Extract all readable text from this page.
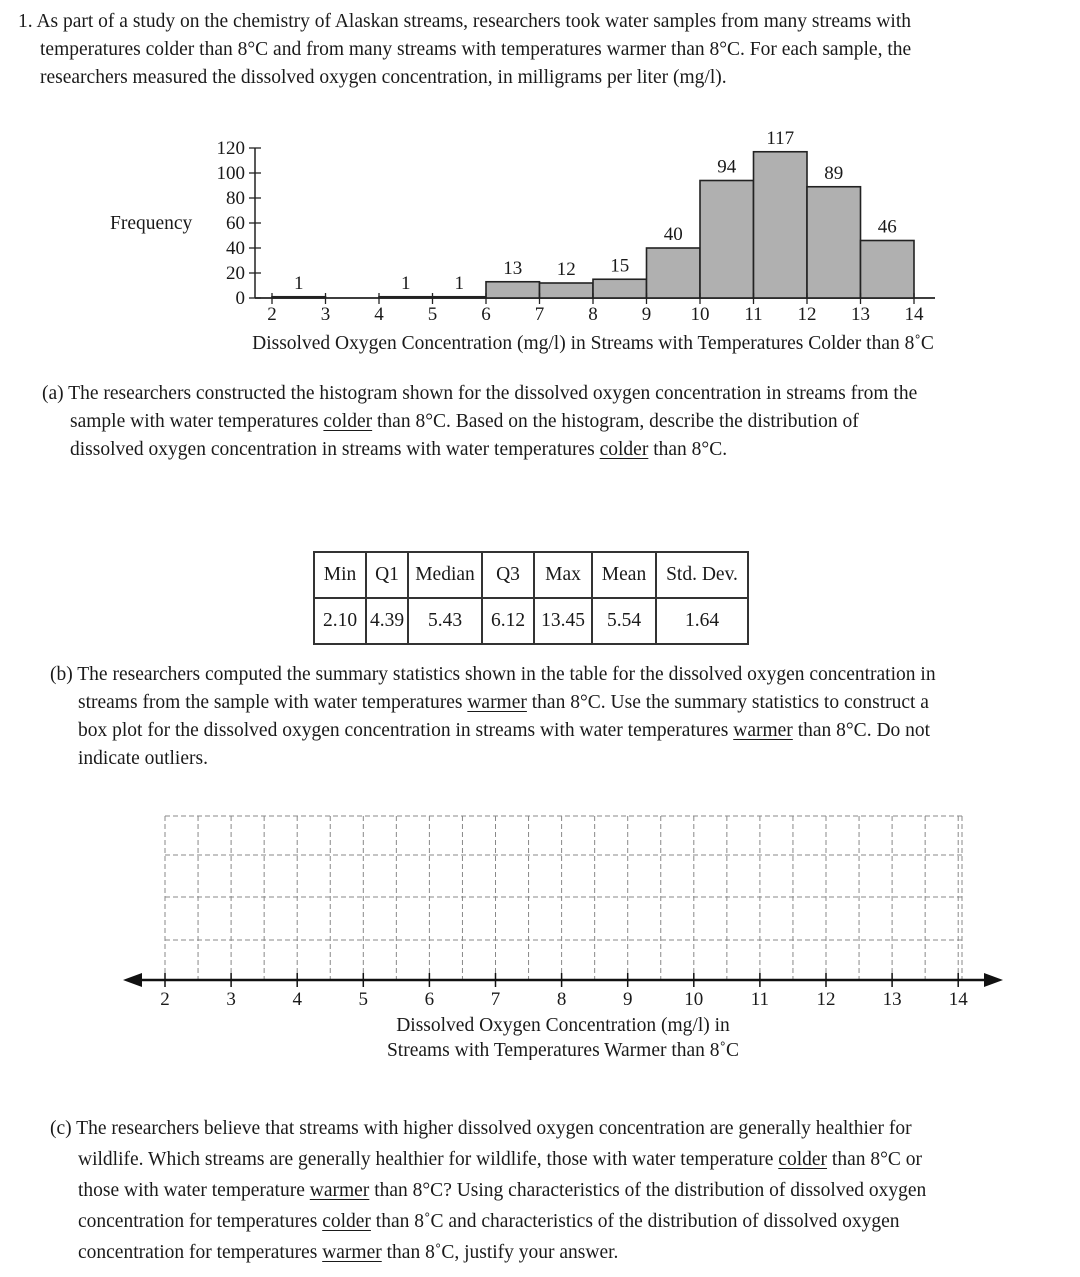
1. As part of a study on the chemistry of Alaskan streams, researchers took water samples from many streams with
temperatures colder than 8°C and from many streams with temperatures warmer than 8°C. For each sample, the
researchers measured the dissolved oxygen concentration, in milligrams per liter (mg/l).
0
20
40
60
80
100
120
1	1 1
13 12 15
40
94
117
89
46
2 3 4 5 6 7 8 9 10 11 12 13 14
Frequency
Dissolved Oxygen Concentration (mg/l) in Streams with Temperatures Colder than 8˚C
(a) The researchers constructed the histogram shown for the dissolved oxygen concentration in streams from the
sample with water temperatures colder than 8°C. Based on the histogram, describe the distribution of
dissolved oxygen concentration in streams with water temperatures colder than 8°C.
Min	Q1	Median	Q3	Max	Mean	Std. Dev.
2.10	4.39	5.43	6.12	13.45	5.54	1.64
(b) The researchers computed the summary statistics shown in the table for the dissolved oxygen concentration in
streams from the sample with water temperatures warmer than 8°C. Use the summary statistics to construct a
box plot for the dissolved oxygen concentration in streams with water temperatures warmer than 8°C. Do not
indicate outliers.
2	3	4	5	6	7	8	9	10 11 12 13 14
Dissolved Oxygen Concentration (mg/l) in
Streams with Temperatures Warmer than 8˚C
(c) The researchers believe that streams with higher dissolved oxygen concentration are generally healthier for
wildlife. Which streams are generally healthier for wildlife, those with water temperature colder than 8°C or
those with water temperature warmer than 8°C? Using characteristics of the distribution of dissolved oxygen
concentration for temperatures colder than 8˚C and characteristics of the distribution of dissolved oxygen
concentration for temperatures warmer than 8˚C, justify your answer.
